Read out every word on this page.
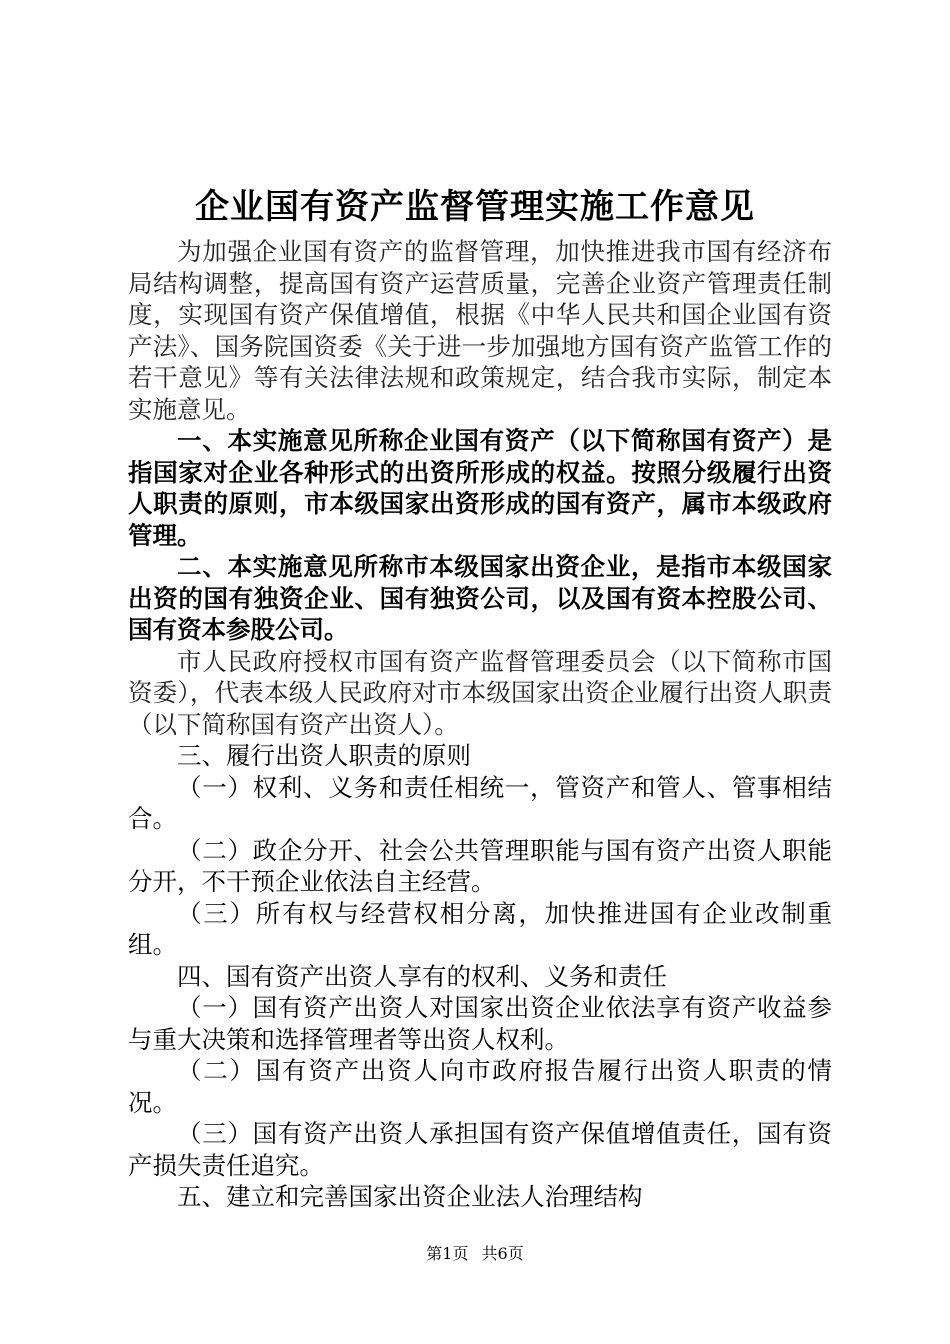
企业国有资产监督管理实施工作意见

为加强企业国有资产的监督管理，加快推进我市国有经济布局结构调整，提高国有资产运营质量，完善企业资产管理责任制度，实现国有资产保值增值，根据《中华人民共和国企业国有资产法》、国务院国资委《关于进一步加强地方国有资产监管工作的若干意见》等有关法律法规和政策规定，结合我市实际，制定本实施意见。

一、本实施意见所称企业国有资产（以下简称国有资产）是指国家对企业各种形式的出资所形成的权益。按照分级履行出资人职责的原则，市本级国家出资形成的国有资产，属市本级政府管理。

二、本实施意见所称市本级国家出资企业，是指市本级国家出资的国有独资企业、国有独资公司，以及国有资本控股公司、国有资本参股公司。

市人民政府授权市国有资产监督管理委员会（以下简称市国资委），代表本级人民政府对市本级国家出资企业履行出资人职责（以下简称国有资产出资人）。

三、履行出资人职责的原则

（一）权利、义务和责任相统一，管资产和管人、管事相结合。

（二）政企分开、社会公共管理职能与国有资产出资人职能分开，不干预企业依法自主经营。

（三）所有权与经营权相分离，加快推进国有企业改制重组。

四、国有资产出资人享有的权利、义务和责任

（一）国有资产出资人对国家出资企业依法享有资产收益参与重大决策和选择管理者等出资人权利。

（二）国有资产出资人向市政府报告履行出资人职责的情况。

（三）国有资产出资人承担国有资产保值增值责任，国有资产损失责任追究。

五、建立和完善国家出资企业法人治理结构

第1页 共6页
